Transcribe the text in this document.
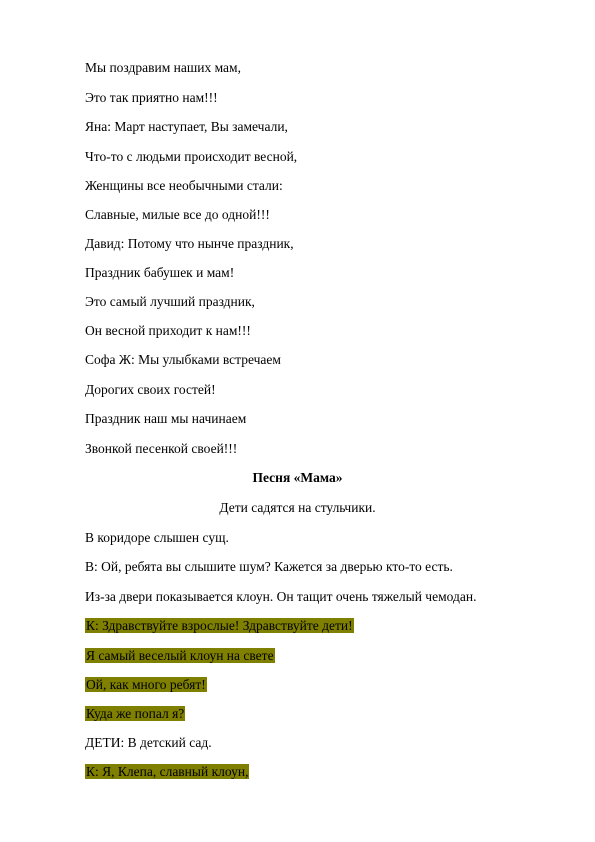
Мы поздравим наших мам,
Это так приятно нам!!!
Яна: Март наступает, Вы замечали,
Что-то с людьми происходит весной,
Женщины все необычными стали:
Славные, милые все до одной!!!
Давид: Потому что нынче праздник,
Праздник бабушек и мам!
Это самый лучший праздник,
Он весной приходит к нам!!!
Софа Ж: Мы улыбками встречаем
Дорогих своих гостей!
Праздник наш мы начинаем
Звонкой песенкой своей!!!
Песня «Мама»
Дети садятся на стульчики.
В коридоре слышен сущ.
В: Ой, ребята вы слышите шум? Кажется за дверью кто-то есть.
Из-за двери показывается клоун. Он тащит очень тяжелый чемодан.
К: Здравствуйте взрослые! Здравствуйте дети!
Я самый веселый клоун на свете
Ой, как много ребят!
Куда же попал я?
ДЕТИ: В детский сад.
К: Я, Клепа, славный клоун,
